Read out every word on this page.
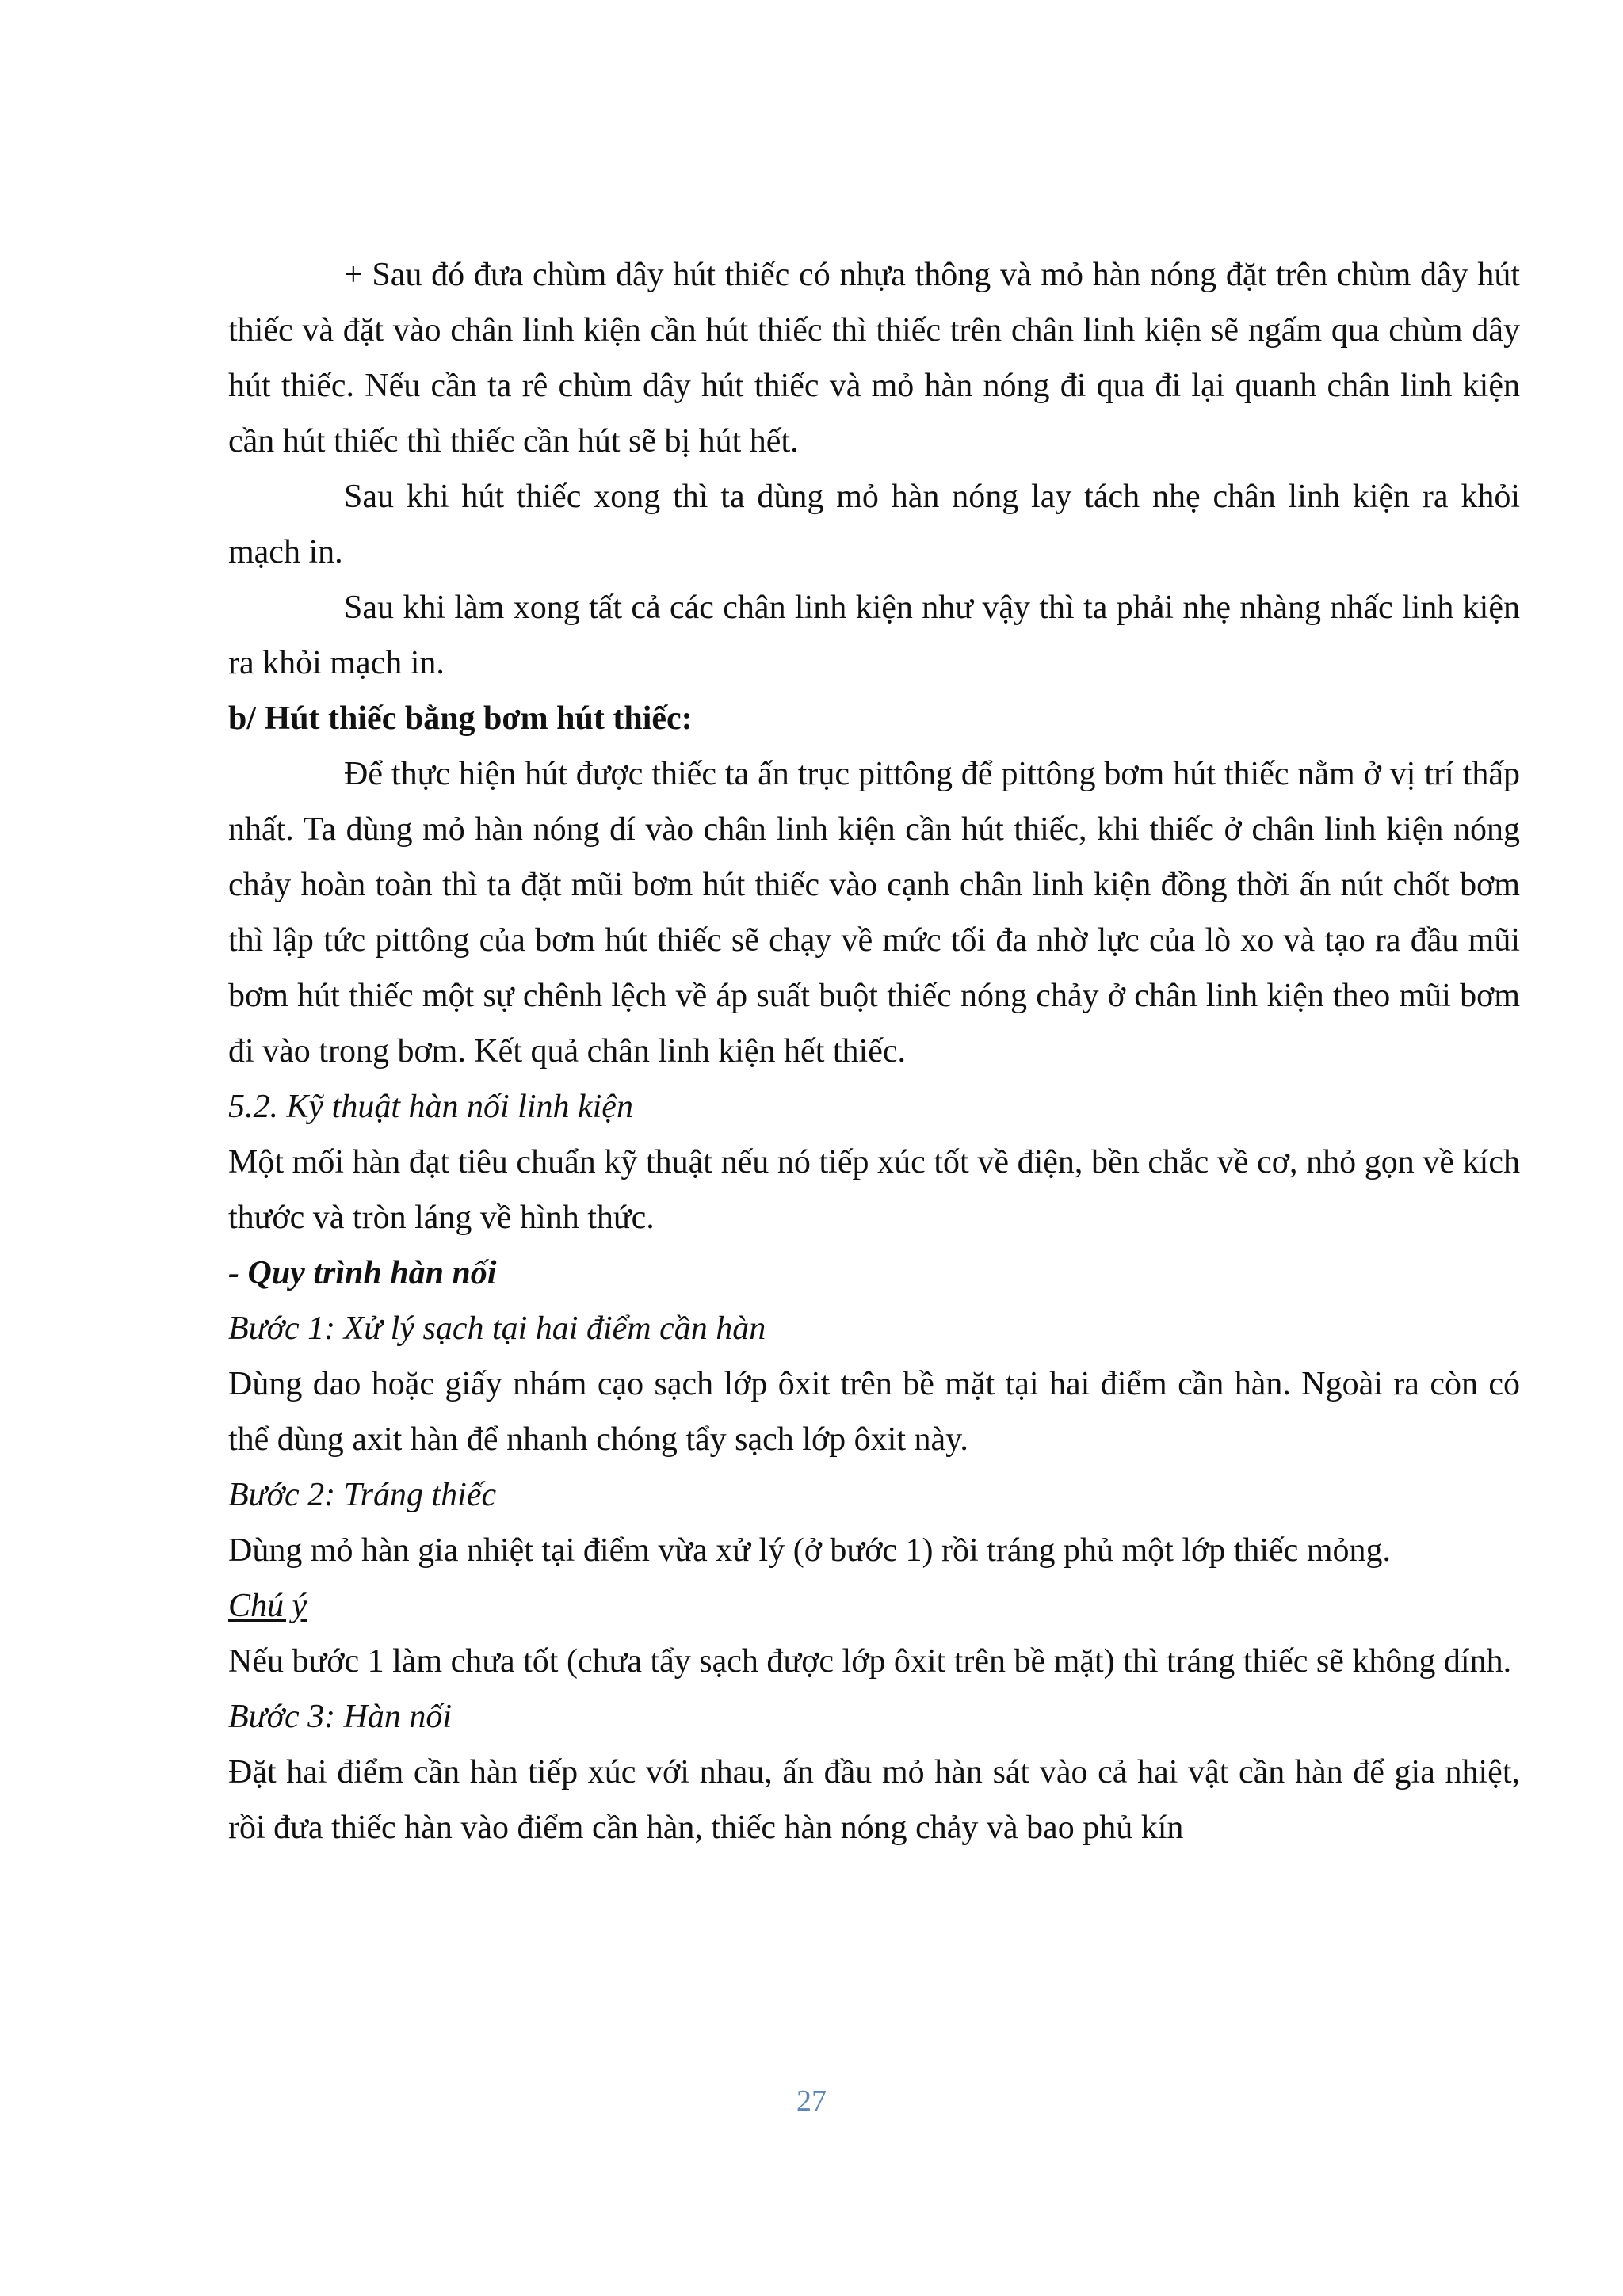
+ Sau đó đưa chùm dây hút thiếc có nhựa thông và mỏ hàn nóng đặt trên chùm dây hút thiếc và đặt vào chân linh kiện cần hút thiếc thì thiếc trên chân linh kiện sẽ ngấm qua chùm dây hút thiếc. Nếu cần ta rê chùm dây hút thiếc và mỏ hàn nóng đi qua đi lại quanh chân linh kiện cần hút thiếc thì thiếc cần hút sẽ bị hút hết.

Sau khi hút thiếc xong thì ta dùng mỏ hàn nóng lay tách nhẹ chân linh kiện ra khỏi mạch in.

Sau khi làm xong tất cả các chân linh kiện như vậy thì ta phải nhẹ nhàng nhấc linh kiện ra khỏi mạch in.

b/ Hút thiếc bằng bơm hút thiếc:

Để thực hiện hút được thiếc ta ấn trục pittông để pittông bơm hút thiếc nằm ở vị trí thấp nhất. Ta dùng mỏ hàn nóng dí vào chân linh kiện cần hút thiếc, khi thiếc ở chân linh kiện nóng chảy hoàn toàn thì ta đặt mũi bơm hút thiếc vào cạnh chân linh kiện đồng thời ấn nút chốt bơm thì lập tức pittông của bơm hút thiếc sẽ chạy về mức tối đa nhờ lực của lò xo và tạo ra đầu mũi bơm hút thiếc một sự chênh lệch về áp suất buột thiếc nóng chảy ở chân linh kiện theo mũi bơm đi vào trong bơm. Kết quả chân linh kiện hết thiếc.

5.2. Kỹ thuật hàn nối linh kiện

Một mối hàn đạt tiêu chuẩn kỹ thuật nếu nó tiếp xúc tốt về điện, bền chắc về cơ, nhỏ gọn về kích thước và tròn láng về hình thức.

- Quy trình hàn nối

Bước 1: Xử lý sạch tại hai điểm cần hàn

Dùng dao hoặc giấy nhám cạo sạch lớp ôxit trên bề mặt tại hai điểm cần hàn. Ngoài ra còn có thể dùng axit hàn để nhanh chóng tẩy sạch lớp ôxit này.

Bước 2: Tráng thiếc

Dùng mỏ hàn gia nhiệt tại điểm vừa xử lý (ở bước 1) rồi tráng phủ một lớp thiếc mỏng.

Chú ý

Nếu bước 1 làm chưa tốt (chưa tẩy sạch được lớp ôxit trên bề mặt) thì tráng thiếc sẽ không dính.

Bước 3: Hàn nối

Đặt hai điểm cần hàn tiếp xúc với nhau, ấn đầu mỏ hàn sát vào cả hai vật cần hàn để gia nhiệt, rồi đưa thiếc hàn vào điểm cần hàn, thiếc hàn nóng chảy và bao phủ kín

27
